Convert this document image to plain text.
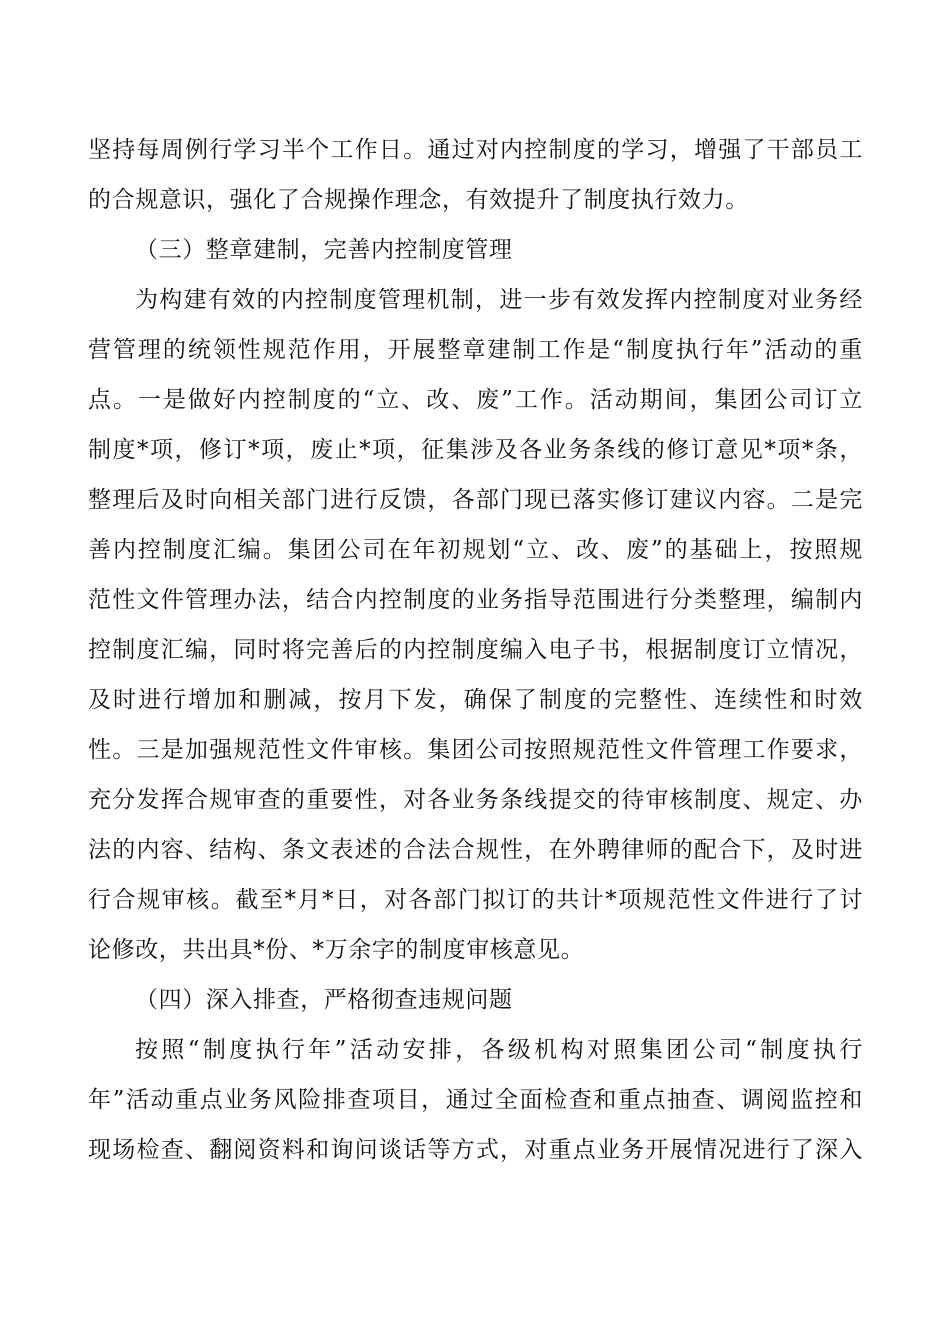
坚持每周例行学习半个工作日。通过对内控制度的学习，增强了干部员工
的合规意识，强化了合规操作理念，有效提升了制度执行效力。
（三）整章建制，完善内控制度管理
为构建有效的内控制度管理机制，进一步有效发挥内控制度对业务经
营管理的统领性规范作用，开展整章建制工作是“制度执行年”活动的重
点。一是做好内控制度的“立、改、废”工作。活动期间，集团公司订立
制度*项，修订*项，废止*项，征集涉及各业务条线的修订意见*项*条，
整理后及时向相关部门进行反馈，各部门现已落实修订建议内容。二是完
善内控制度汇编。集团公司在年初规划“立、改、废”的基础上，按照规
范性文件管理办法，结合内控制度的业务指导范围进行分类整理，编制内
控制度汇编，同时将完善后的内控制度编入电子书，根据制度订立情况，
及时进行增加和删减，按月下发，确保了制度的完整性、连续性和时效
性。三是加强规范性文件审核。集团公司按照规范性文件管理工作要求，
充分发挥合规审查的重要性，对各业务条线提交的待审核制度、规定、办
法的内容、结构、条文表述的合法合规性，在外聘律师的配合下，及时进
行合规审核。截至*月*日，对各部门拟订的共计*项规范性文件进行了讨
论修改，共出具*份、*万余字的制度审核意见。
（四）深入排查，严格彻查违规问题
按照“制度执行年”活动安排，各级机构对照集团公司“制度执行
年”活动重点业务风险排查项目，通过全面检查和重点抽查、调阅监控和
现场检查、翻阅资料和询问谈话等方式，对重点业务开展情况进行了深入
